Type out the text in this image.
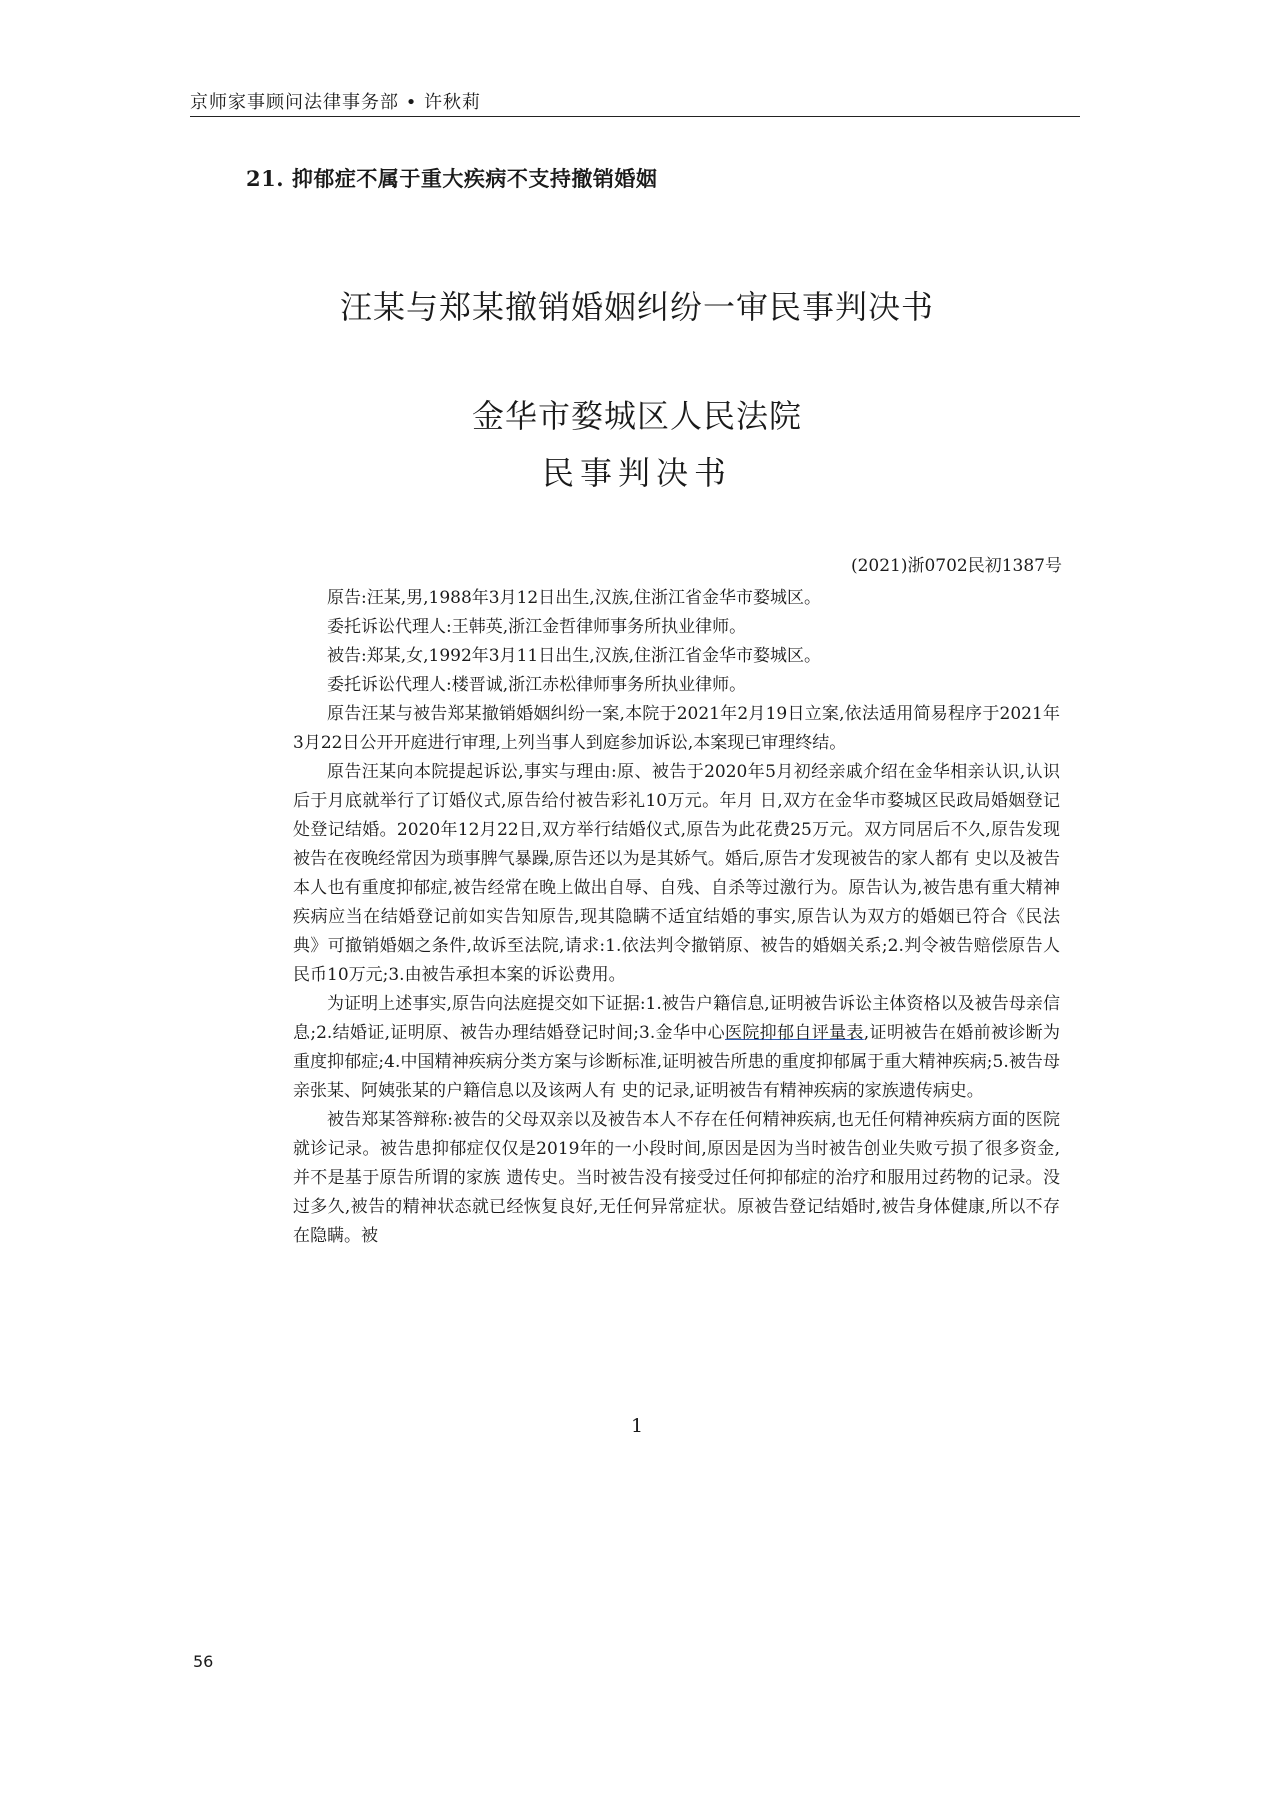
京师家事顾问法律事务部 • 许秋莉
21. 抑郁症不属于重大疾病不支持撤销婚姻
汪某与郑某撤销婚姻纠纷一审民事判决书
金华市婺城区人民法院
民事判决书
(2021)浙0702民初1387号

原告:汪某,男,1988年3月12日出生,汉族,住浙江省金华市婺城区。

委托诉讼代理人:王韩英,浙江金哲律师事务所执业律师。

被告:郑某,女,1992年3月11日出生,汉族,住浙江省金华市婺城区。

委托诉讼代理人:楼晋诚,浙江赤松律师事务所执业律师。

原告汪某与被告郑某撤销婚姻纠纷一案,本院于2021年2月19日立案,依法适用简易程序于2021年3月22日公开开庭进行审理,上列当事人到庭参加诉讼,本案现已审理终结。

原告汪某向本院提起诉讼,事实与理由:原、被告于2020年5月初经亲戚介绍在金华相亲认识,认识后于月底就举行了订婚仪式,原告给付被告彩礼10万元。年月 日,双方在金华市婺城区民政局婚姻登记处登记结婚。2020年12月22日,双方举行结婚仪式,原告为此花费25万元。双方同居后不久,原告发现被告在夜晚经常因为琐事脾气暴躁,原告还以为是其娇气。婚后,原告才发现被告的家人都有 史以及被告本人也有重度抑郁症,被告经常在晚上做出自辱、自残、自杀等过激行为。原告认为,被告患有重大精神疾病应当在结婚登记前如实告知原告,现其隐瞒不适宜结婚的事实,原告认为双方的婚姻已符合《民法典》可撤销婚姻之条件,故诉至法院,请求:1.依法判令撤销原、被告的婚姻关系;2.判令被告赔偿原告人民币10万元;3.由被告承担本案的诉讼费用。

为证明上述事实,原告向法庭提交如下证据:1.被告户籍信息,证明被告诉讼主体资格以及被告母亲信息;2.结婚证,证明原、被告办理结婚登记时间;3.金华中心医院抑郁自评量表,证明被告在婚前被诊断为重度抑郁症;4.中国精神疾病分类方案与诊断标准,证明被告所患的重度抑郁属于重大精神疾病;5.被告母亲张某、阿姨张某的户籍信息以及该两人有 史的记录,证明被告有精神疾病的家族遗传病史。

被告郑某答辩称:被告的父母双亲以及被告本人不存在任何精神疾病,也无任何精神疾病方面的医院就诊记录。被告患抑郁症仅仅是2019年的一小段时间,原因是因为当时被告创业失败亏损了很多资金,并不是基于原告所谓的家族 遗传史。当时被告没有接受过任何抑郁症的治疗和服用过药物的记录。没过多久,被告的精神状态就已经恢复良好,无任何异常症状。原被告登记结婚时,被告身体健康,所以不存在隐瞒。被

1
56
